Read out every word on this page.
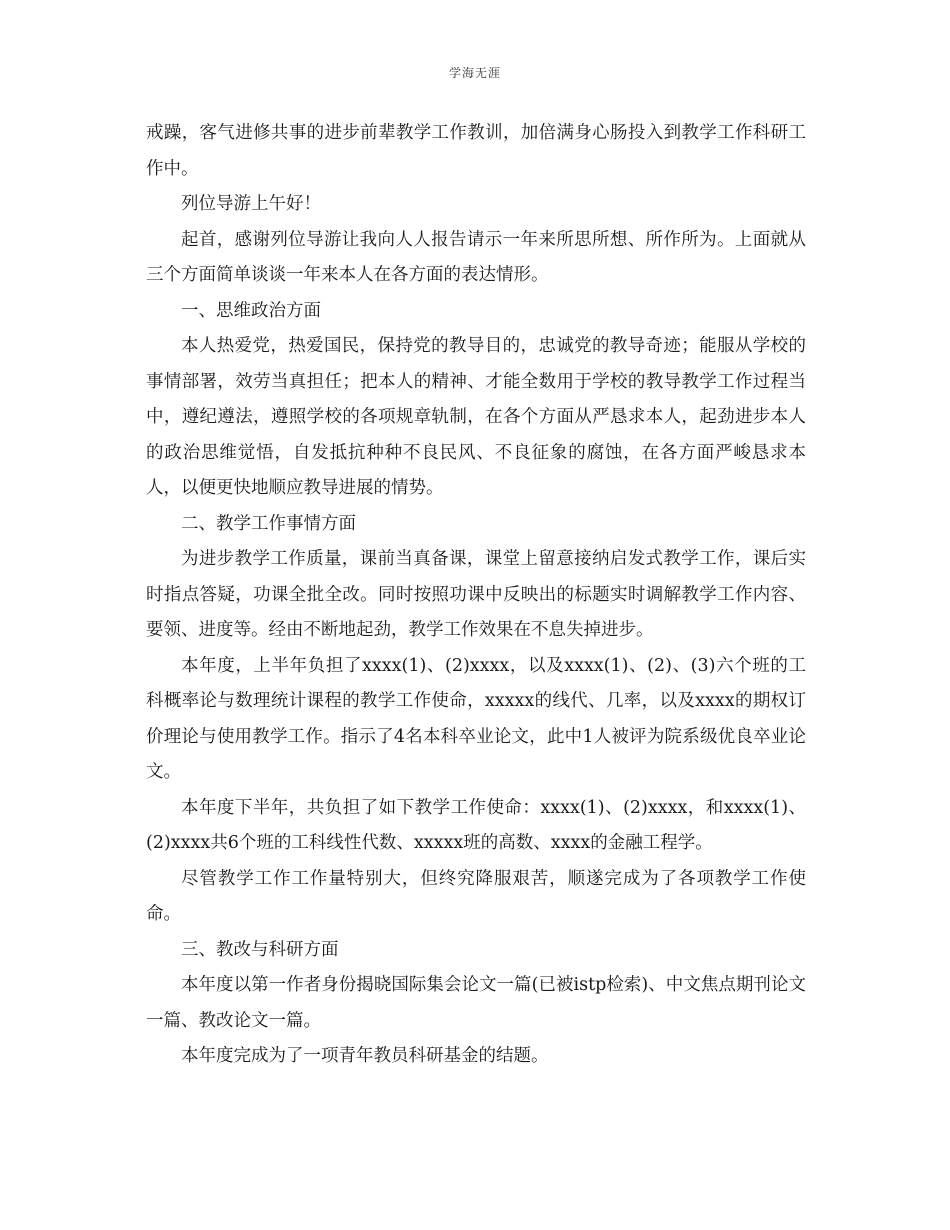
学海无涯

戒躁，客气进修共事的进步前辈教学工作教训，加倍满身心肠投入到教学工作科研工作中。

列位导游上午好！

起首，感谢列位导游让我向人人报告请示一年来所思所想、所作所为。上面就从三个方面简单谈谈一年来本人在各方面的表达情形。

一、思维政治方面

本人热爱党，热爱国民，保持党的教导目的，忠诚党的教导奇迹；能服从学校的事情部署，效劳当真担任；把本人的精神、才能全数用于学校的教导教学工作过程当中，遵纪遵法，遵照学校的各项规章轨制，在各个方面从严恳求本人，起劲进步本人的政治思维觉悟，自发抵抗种种不良民风、不良征象的腐蚀，在各方面严峻恳求本人，以便更快地顺应教导进展的情势。

二、教学工作事情方面

为进步教学工作质量，课前当真备课，课堂上留意接纳启发式教学工作，课后实时指点答疑，功课全批全改。同时按照功课中反映出的标题实时调解教学工作内容、要领、进度等。经由不断地起劲，教学工作效果在不息失掉进步。

本年度，上半年负担了xxxx(1)、(2)xxxx，以及xxxx(1)、(2)、(3)六个班的工科概率论与数理统计课程的教学工作使命，xxxxx的线代、几率，以及xxxx的期权订价理论与使用教学工作。指示了4名本科卒业论文，此中1人被评为院系级优良卒业论文。

本年度下半年，共负担了如下教学工作使命：xxxx(1)、(2)xxxx，和xxxx(1)、(2)xxxx共6个班的工科线性代数、xxxxx班的高数、xxxx的金融工程学。

尽管教学工作工作量特别大，但终究降服艰苦，顺遂完成为了各项教学工作使命。

三、教改与科研方面

本年度以第一作者身份揭晓国际集会论文一篇(已被istp检索)、中文焦点期刊论文一篇、教改论文一篇。

本年度完成为了一项青年教员科研基金的结题。
